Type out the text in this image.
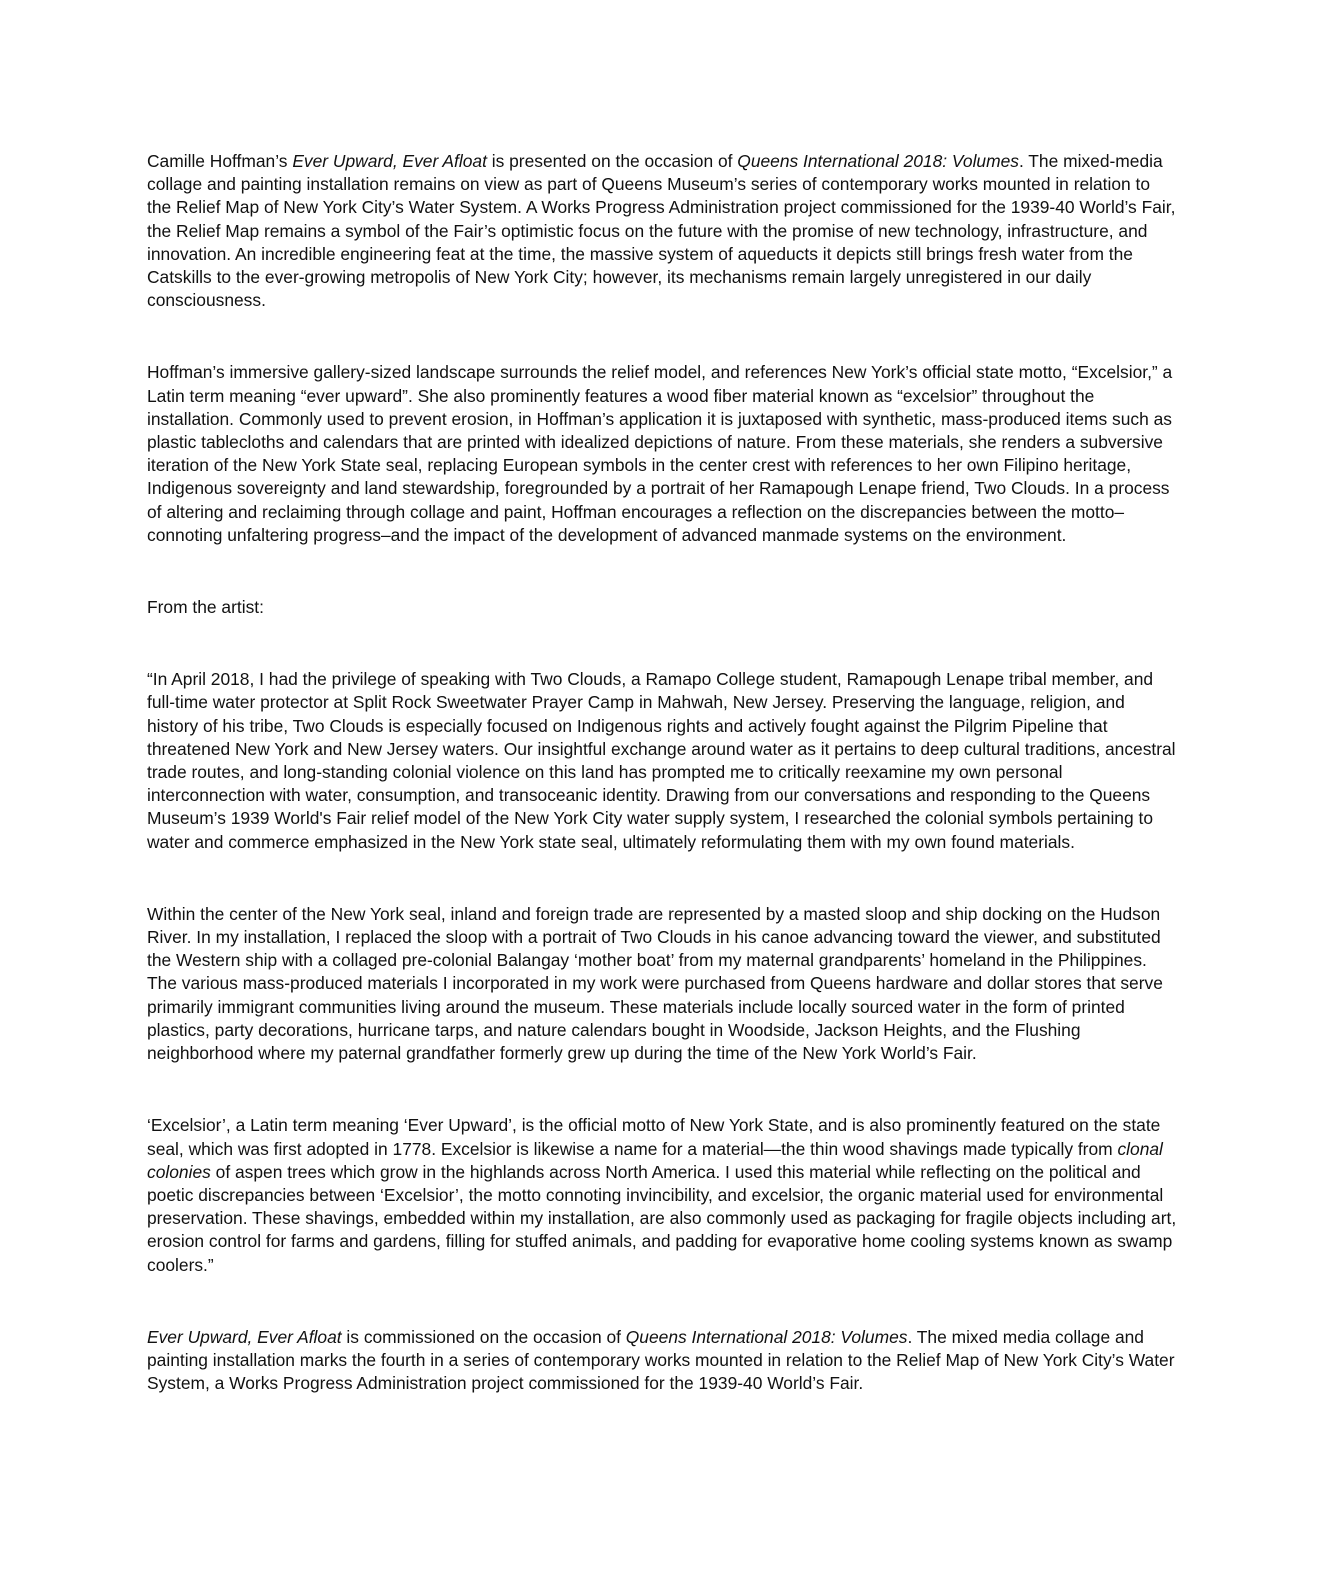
Camille Hoffman’s Ever Upward, Ever Afloat is presented on the occasion of Queens International 2018: Volumes. The mixed-media collage and painting installation remains on view as part of Queens Museum’s series of contemporary works mounted in relation to the Relief Map of New York City’s Water System. A Works Progress Administration project commissioned for the 1939-40 World’s Fair, the Relief Map remains a symbol of the Fair’s optimistic focus on the future with the promise of new technology, infrastructure, and innovation. An incredible engineering feat at the time, the massive system of aqueducts it depicts still brings fresh water from the Catskills to the ever-growing metropolis of New York City; however, its mechanisms remain largely unregistered in our daily consciousness.

Hoffman’s immersive gallery-sized landscape surrounds the relief model, and references New York’s official state motto, “Excelsior,” a Latin term meaning “ever upward”. She also prominently features a wood fiber material known as “excelsior” throughout the installation. Commonly used to prevent erosion, in Hoffman’s application it is juxtaposed with synthetic, mass-produced items such as plastic tablecloths and calendars that are printed with idealized depictions of nature. From these materials, she renders a subversive iteration of the New York State seal, replacing European symbols in the center crest with references to her own Filipino heritage, Indigenous sovereignty and land stewardship, foregrounded by a portrait of her Ramapough Lenape friend, Two Clouds. In a process of altering and reclaiming through collage and paint, Hoffman encourages a reflection on the discrepancies between the motto–connoting unfaltering progress–and the impact of the development of advanced manmade systems on the environment.

From the artist:

“In April 2018, I had the privilege of speaking with Two Clouds, a Ramapo College student, Ramapough Lenape tribal member, and full-time water protector at Split Rock Sweetwater Prayer Camp in Mahwah, New Jersey. Preserving the language, religion, and history of his tribe, Two Clouds is especially focused on Indigenous rights and actively fought against the Pilgrim Pipeline that threatened New York and New Jersey waters. Our insightful exchange around water as it pertains to deep cultural traditions, ancestral trade routes, and long-standing colonial violence on this land has prompted me to critically reexamine my own personal interconnection with water, consumption, and transoceanic identity. Drawing from our conversations and responding to the Queens Museum’s 1939 World's Fair relief model of the New York City water supply system, I researched the colonial symbols pertaining to water and commerce emphasized in the New York state seal, ultimately reformulating them with my own found materials.

Within the center of the New York seal, inland and foreign trade are represented by a masted sloop and ship docking on the Hudson River. In my installation, I replaced the sloop with a portrait of Two Clouds in his canoe advancing toward the viewer, and substituted the Western ship with a collaged pre-colonial Balangay ‘mother boat’ from my maternal grandparents’ homeland in the Philippines. The various mass-produced materials I incorporated in my work were purchased from Queens hardware and dollar stores that serve primarily immigrant communities living around the museum. These materials include locally sourced water in the form of printed plastics, party decorations, hurricane tarps, and nature calendars bought in Woodside, Jackson Heights, and the Flushing neighborhood where my paternal grandfather formerly grew up during the time of the New York World’s Fair.

‘Excelsior’, a Latin term meaning ‘Ever Upward’, is the official motto of New York State, and is also prominently featured on the state seal, which was first adopted in 1778. Excelsior is likewise a name for a material—the thin wood shavings made typically from clonal colonies of aspen trees which grow in the highlands across North America. I used this material while reflecting on the political and poetic discrepancies between ‘Excelsior’, the motto connoting invincibility, and excelsior, the organic material used for environmental preservation. These shavings, embedded within my installation, are also commonly used as packaging for fragile objects including art, erosion control for farms and gardens, filling for stuffed animals, and padding for evaporative home cooling systems known as swamp coolers.”

Ever Upward, Ever Afloat is commissioned on the occasion of Queens International 2018: Volumes. The mixed media collage and painting installation marks the fourth in a series of contemporary works mounted in relation to the Relief Map of New York City’s Water System, a Works Progress Administration project commissioned for the 1939-40 World’s Fair.
